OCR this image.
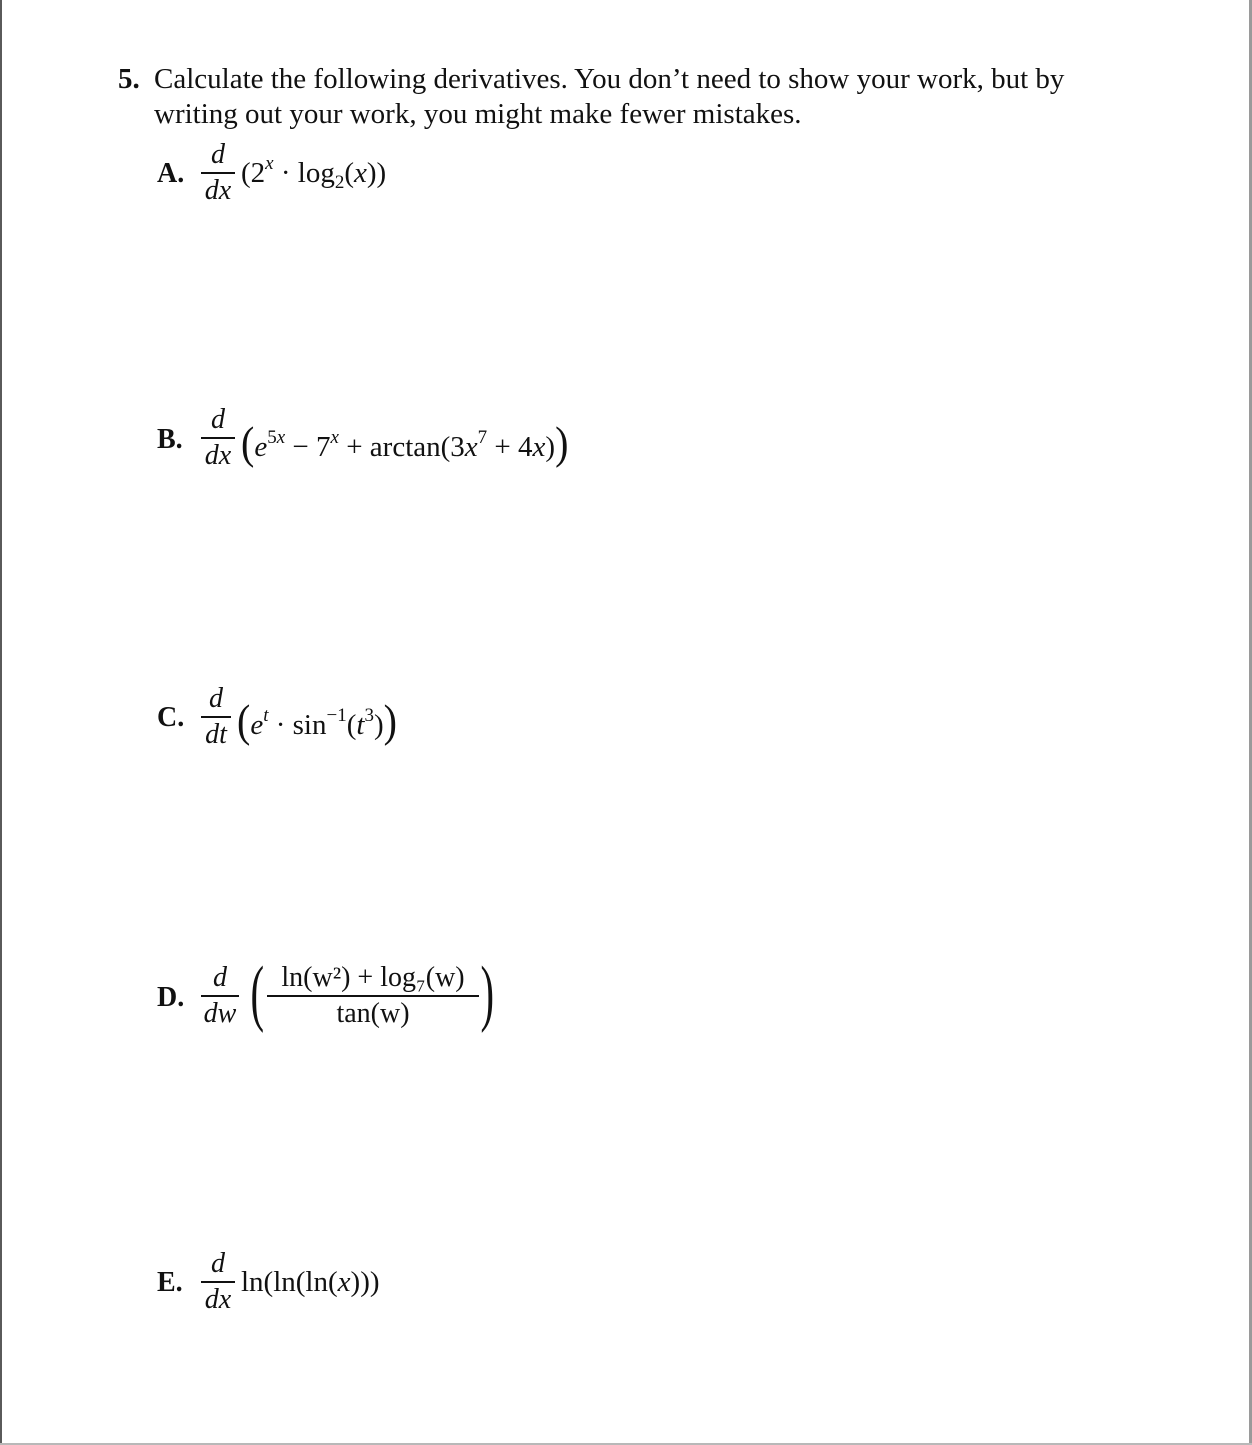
5. Calculate the following derivatives. You don’t need to show your work, but by
writing out your work, you might make fewer mistakes.
A.
d
dx
$(2^x \cdot \log_2(x))$
B.
d
dx $(e^{5x} - 7^x + \arctan(3x^7 + 4x))$
C.
d
dt $(e^t \cdot \sin^{-1}(t^3))$
D.
d
dw ( ln(w²) + log₇(w)
tan(w) )
E.
d
dx
ln(ln(ln(x)))
